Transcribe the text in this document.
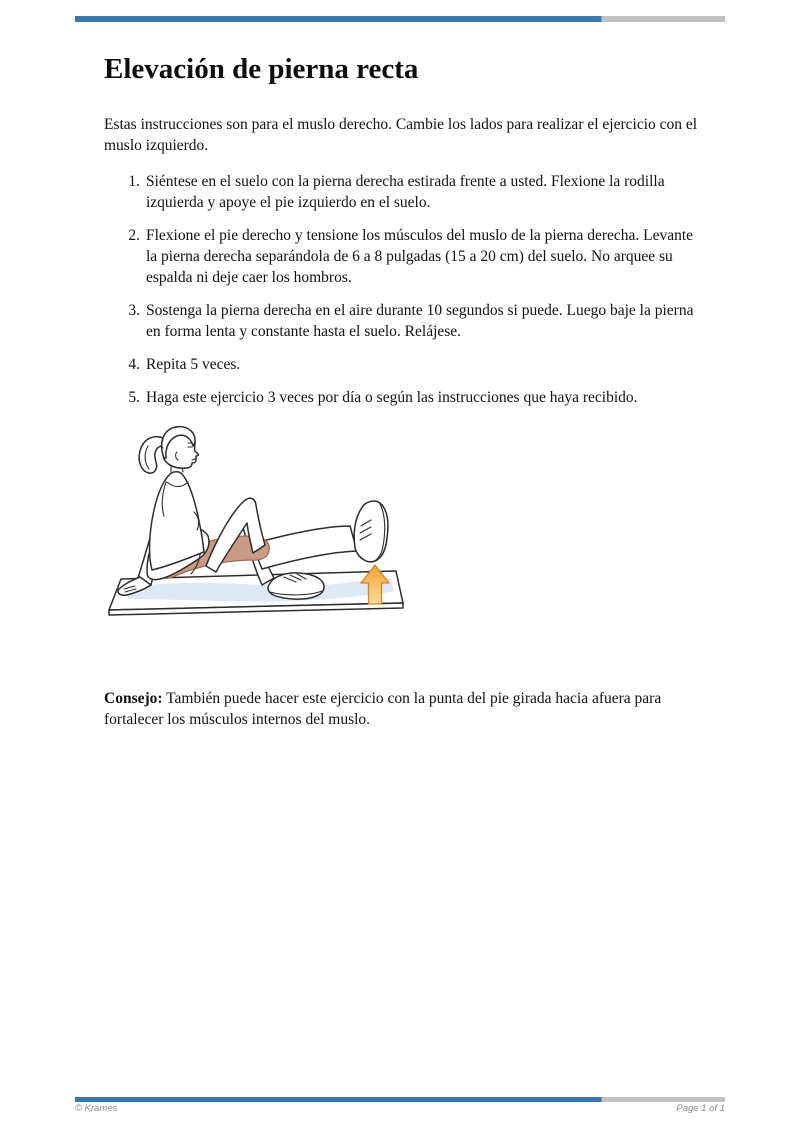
Elevación de pierna recta

Estas instrucciones son para el muslo derecho. Cambie los lados para realizar el ejercicio con el muslo izquierdo.

1. Siéntese en el suelo con la pierna derecha estirada frente a usted. Flexione la rodilla izquierda y apoye el pie izquierdo en el suelo.
2. Flexione el pie derecho y tensione los músculos del muslo de la pierna derecha. Levante la pierna derecha separándola de 6 a 8 pulgadas (15 a 20 cm) del suelo. No arquee su espalda ni deje caer los hombros.
3. Sostenga la pierna derecha en el aire durante 10 segundos si puede. Luego baje la pierna en forma lenta y constante hasta el suelo. Relájese.
4. Repita 5 veces.
5. Haga este ejercicio 3 veces por día o según las instrucciones que haya recibido.

Consejo: También puede hacer este ejercicio con la punta del pie girada hacia afuera para fortalecer los músculos internos del muslo.

© Krames	Page 1 of 1
